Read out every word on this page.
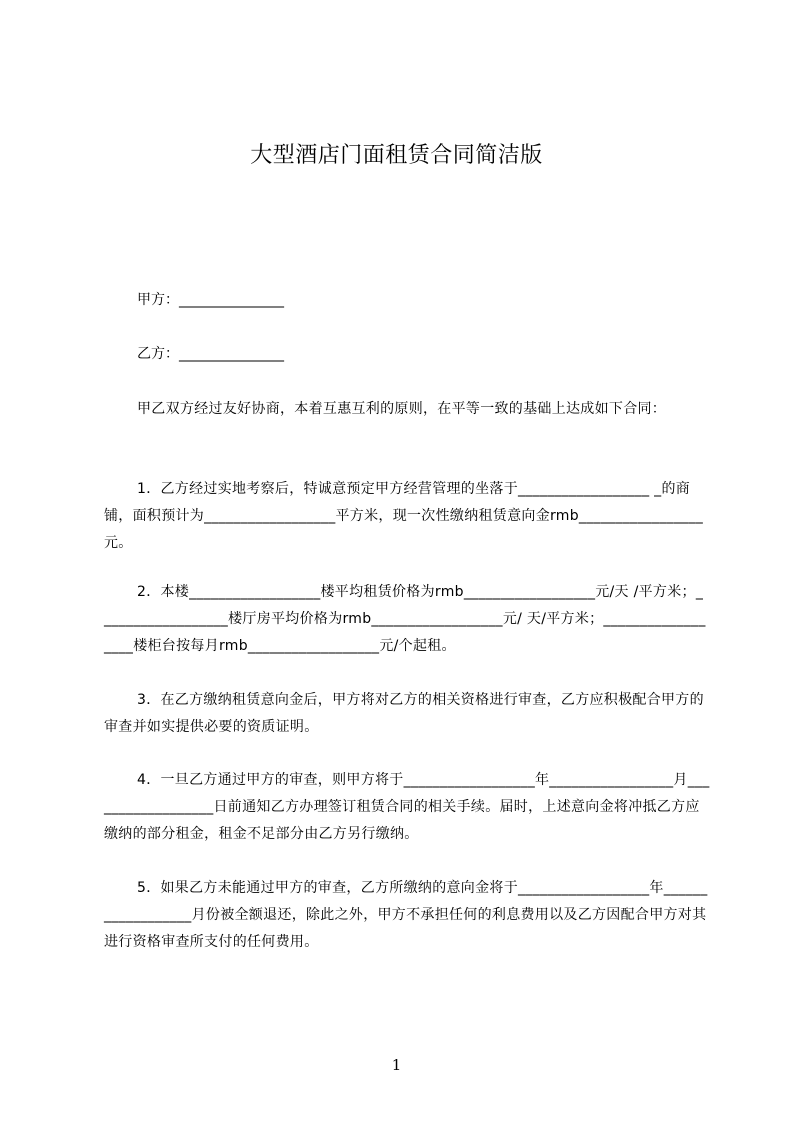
大型酒店门面租赁合同简洁版

甲方：_______________

乙方：_______________

甲乙双方经过友好协商，本着互惠互利的原则，在平等一致的基础上达成如下合同：

1．乙方经过实地考察后，特诚意预定甲方经营管理的坐落于__________________ _的商铺，面积预计为__________________平方米，现一次性缴纳租赁意向金rmb_________________元。

2．本楼__________________楼平均租赁价格为rmb__________________元/天 /平方米；__________________楼厅房平均价格为rmb__________________元/ 天/平方米；__________________楼柜台按每月rmb__________________元/个起租。

3．在乙方缴纳租赁意向金后，甲方将对乙方的相关资格进行审查，乙方应积极配合甲方的审查并如实提供必要的资质证明。

4．一旦乙方通过甲方的审查，则甲方将于__________________年_________________月__________________日前通知乙方办理签订租赁合同的相关手续。届时，上述意向金将冲抵乙方应缴纳的部分租金，租金不足部分由乙方另行缴纳。

5．如果乙方未能通过甲方的审查，乙方所缴纳的意向金将于__________________年__________________月份被全额退还，除此之外，甲方不承担任何的利息费用以及乙方因配合甲方对其进行资格审查所支付的任何费用。

1
